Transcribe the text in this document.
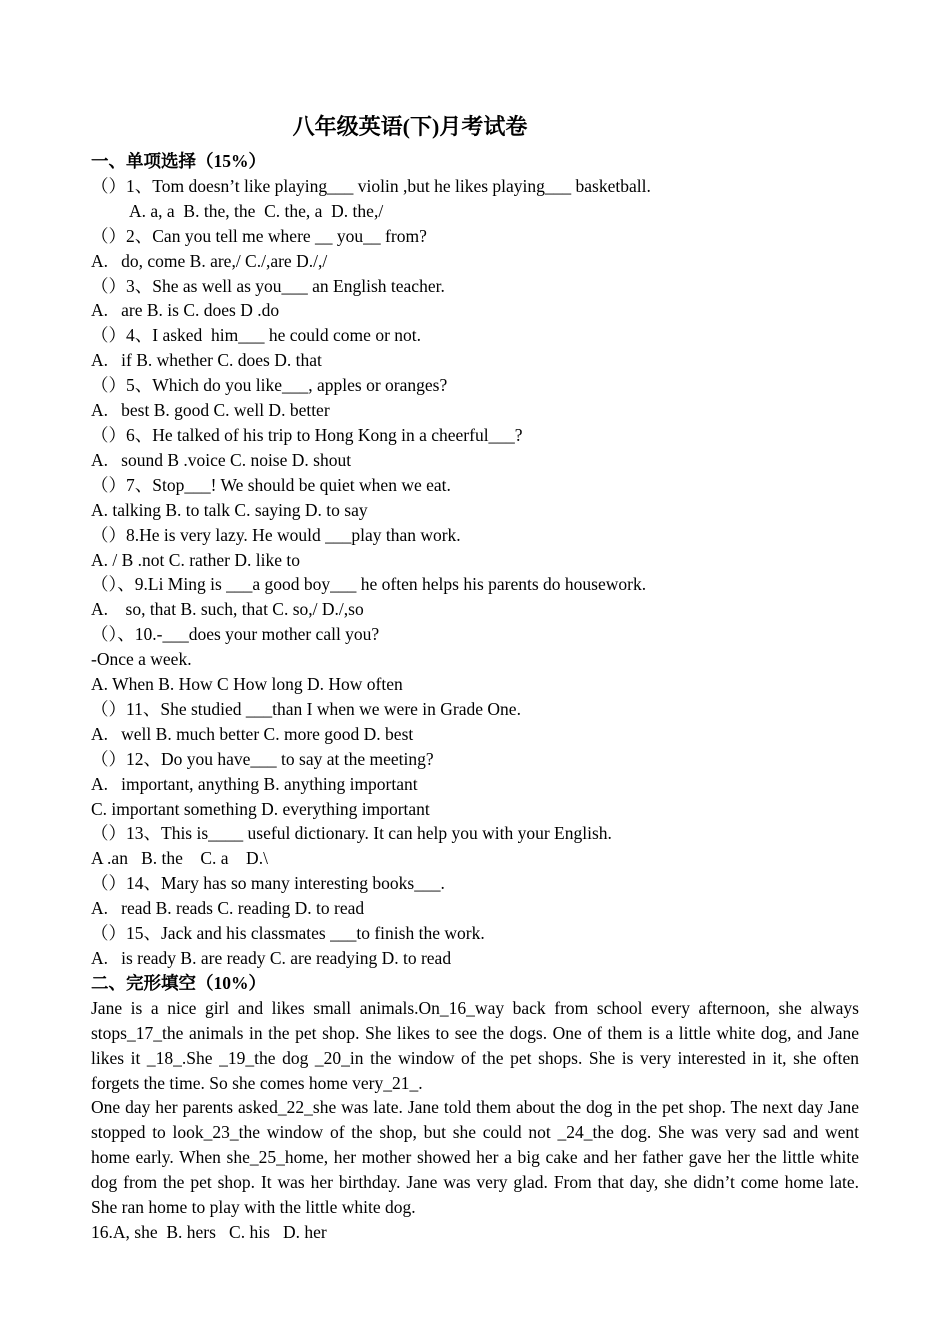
八年级英语(下)月考试卷
一、单项选择（15%）
（）1、Tom doesn’t like playing___ violin ,but he likes playing___ basketball.
A. a, a  B. the, the  C. the, a  D. the,/
（）2、Can you tell me where __ you__ from?
A.   do, come B. are,/ C./,are D./,/
（）3、She as well as you___ an English teacher.
A.   are B. is C. does D .do
（）4、I asked  him___ he could come or not.
A.   if B. whether C. does D. that
（）5、Which do you like___, apples or oranges?
A.   best B. good C. well D. better
（）6、He talked of his trip to Hong Kong in a cheerful___?
A.   sound B .voice C. noise D. shout
（）7、Stop___! We should be quiet when we eat.
A. talking B. to talk C. saying D. to say
（）8.He is very lazy. He would ___play than work.
A. / B .not C. rather D. like to
（）、9.Li Ming is ___a good boy___ he often helps his parents do housework.
A.    so, that B. such, that C. so,/ D./,so
（）、10.-___does your mother call you?
-Once a week.
A. When B. How C How long D. How often
（）11、She studied ___than I when we were in Grade One.
A.   well B. much better C. more good D. best
（）12、Do you have___ to say at the meeting?
A.   important, anything B. anything important
C. important something D. everything important
（）13、This is____ useful dictionary. It can help you with your English.
A .an   B. the    C. a    D.\
（）14、Mary has so many interesting books___.
A.   read B. reads C. reading D. to read
（）15、Jack and his classmates ___to finish the work.
A.   is ready B. are ready C. are readying D. to read
二、完形填空（10%）
Jane is a nice girl and likes small animals.On_16_way back from school every afternoon, she always stops_17_the animals in the pet shop. She likes to see the dogs. One of them is a little white dog, and Jane likes it _18_.She _19_the dog _20_in the window of the pet shops. She is very interested in it, she often forgets the time. So she comes home very_21_.
One day her parents asked_22_she was late. Jane told them about the dog in the pet shop. The next day Jane stopped to look_23_the window of the shop, but she could not _24_the dog. She was very sad and went home early. When she_25_home, her mother showed her a big cake and her father gave her the little white dog from the pet shop. It was her birthday. Jane was very glad. From that day, she didn’t come home late. She ran home to play with the little white dog.
16.A, she  B. hers   C. his   D. her
